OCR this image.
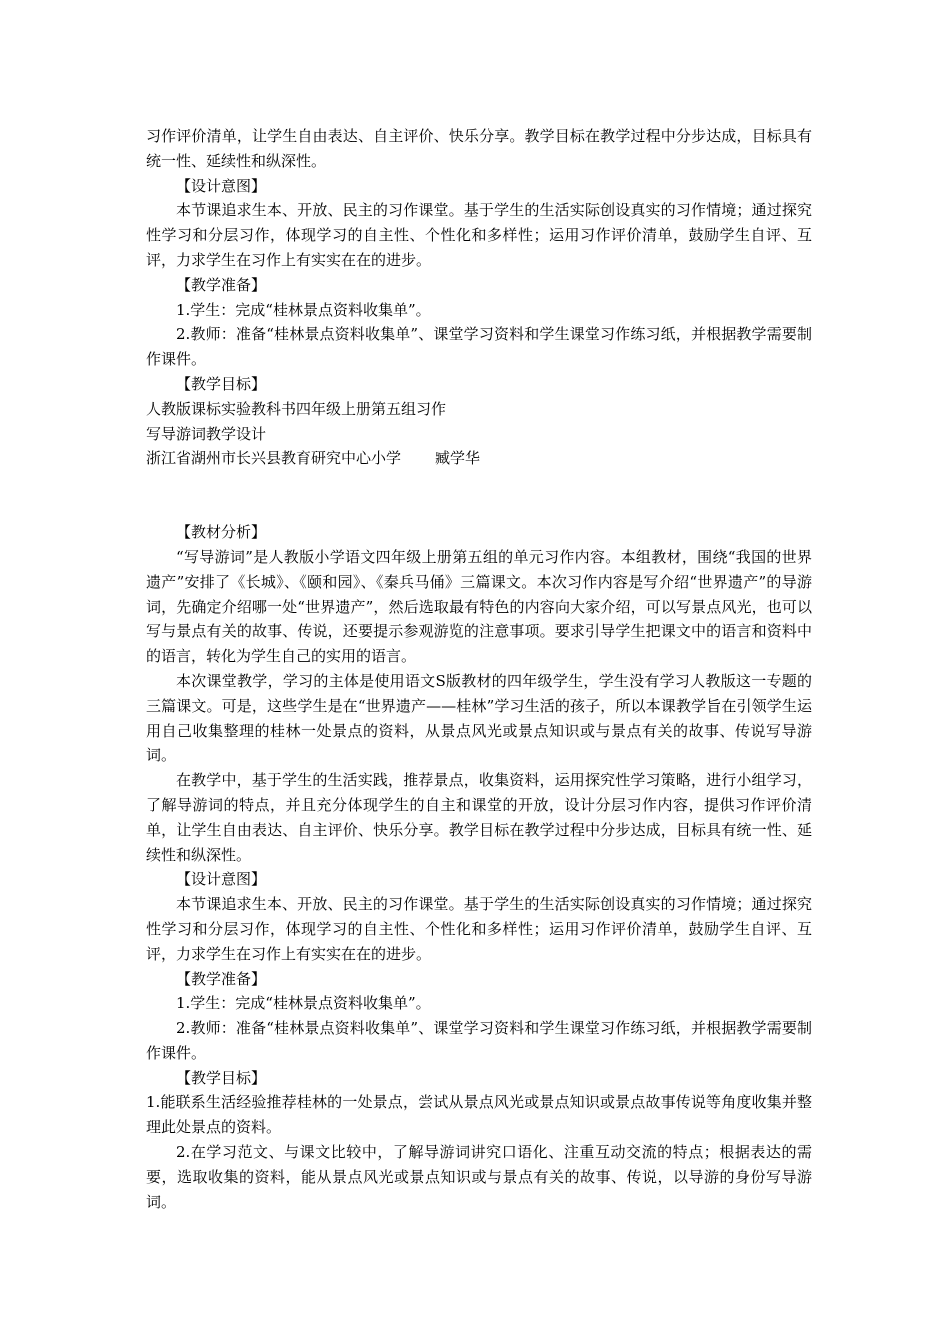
习作评价清单，让学生自由表达、自主评价、快乐分享。教学目标在教学过程中分步达成，目标具有统一性、延续性和纵深性。

【设计意图】

本节课追求生本、开放、民主的习作课堂。基于学生的生活实际创设真实的习作情境；通过探究性学习和分层习作，体现学习的自主性、个性化和多样性；运用习作评价清单，鼓励学生自评、互评，力求学生在习作上有实实在在的进步。

【教学准备】

1.学生：完成“桂林景点资料收集单”。

2.教师：准备“桂林景点资料收集单”、课堂学习资料和学生课堂习作练习纸，并根据教学需要制作课件。

【教学目标】

人教版课标实验教科书四年级上册第五组习作

写导游词教学设计

浙江省湖州市长兴县教育研究中心小学 臧学华

【教材分析】

“写导游词”是人教版小学语文四年级上册第五组的单元习作内容。本组教材，围绕“我国的世界遗产”安排了《长城》、《颐和园》、《秦兵马俑》三篇课文。本次习作内容是写介绍“世界遗产”的导游词，先确定介绍哪一处“世界遗产”，然后选取最有特色的内容向大家介绍，可以写景点风光，也可以写与景点有关的故事、传说，还要提示参观游览的注意事项。要求引导学生把课文中的语言和资料中的语言，转化为学生自己的实用的语言。

本次课堂教学，学习的主体是使用语文S版教材的四年级学生，学生没有学习人教版这一专题的三篇课文。可是，这些学生是在“世界遗产——桂林”学习生活的孩子，所以本课教学旨在引领学生运用自己收集整理的桂林一处景点的资料，从景点风光或景点知识或与景点有关的故事、传说写导游词。

在教学中，基于学生的生活实践，推荐景点，收集资料，运用探究性学习策略，进行小组学习，了解导游词的特点，并且充分体现学生的自主和课堂的开放，设计分层习作内容，提供习作评价清单，让学生自由表达、自主评价、快乐分享。教学目标在教学过程中分步达成，目标具有统一性、延续性和纵深性。

【设计意图】

本节课追求生本、开放、民主的习作课堂。基于学生的生活实际创设真实的习作情境；通过探究性学习和分层习作，体现学习的自主性、个性化和多样性；运用习作评价清单，鼓励学生自评、互评，力求学生在习作上有实实在在的进步。

【教学准备】

1.学生：完成“桂林景点资料收集单”。

2.教师：准备“桂林景点资料收集单”、课堂学习资料和学生课堂习作练习纸，并根据教学需要制作课件。

【教学目标】

1.能联系生活经验推荐桂林的一处景点，尝试从景点风光或景点知识或景点故事传说等角度收集并整理此处景点的资料。

2.在学习范文、与课文比较中，了解导游词讲究口语化、注重互动交流的特点；根据表达的需要，选取收集的资料，能从景点风光或景点知识或与景点有关的故事、传说，以导游的身份写导游词。
